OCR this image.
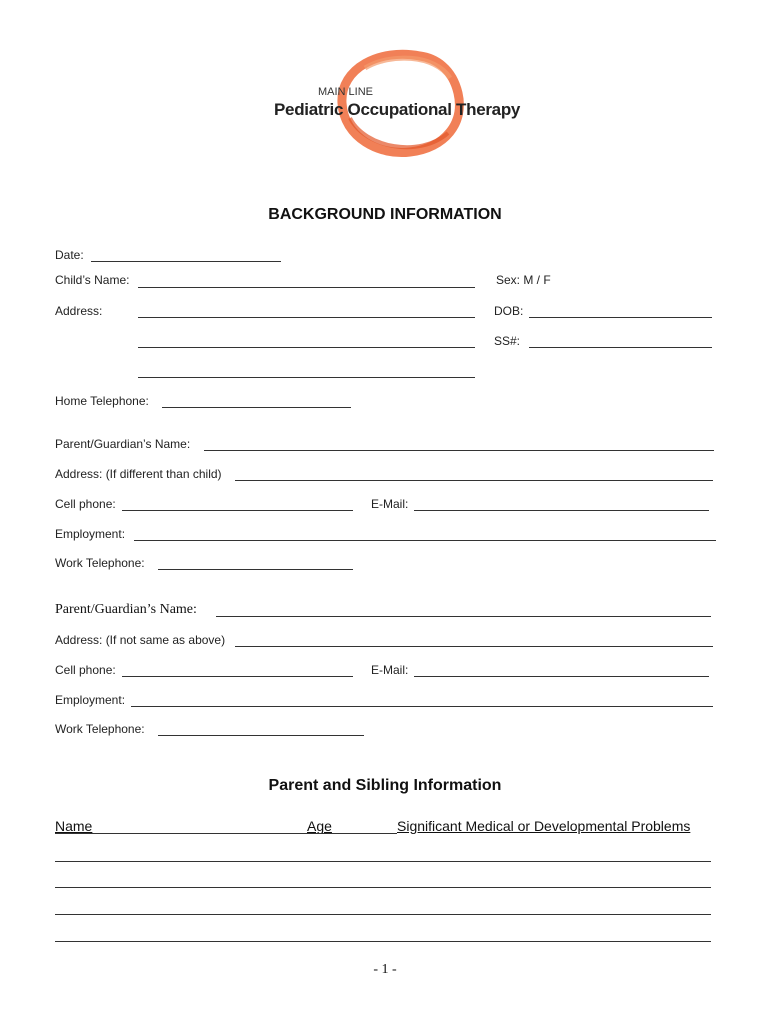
MAIN LINE
Pediatric Occupational Therapy
BACKGROUND INFORMATION
Date:
Child’s Name:	Sex: M / F
Address:	DOB:
SS#:
Home Telephone:
Parent/Guardian’s Name:
Address: (If different than child)
Cell phone:	E-Mail:
Employment:
Work Telephone:
Parent/Guardian’s Name:
Address: (If not same as above)
Cell phone:	E-Mail:
Employment:
Work Telephone:
Parent and Sibling Information
Name	Age	Significant Medical or Developmental Problems
- 1 -
